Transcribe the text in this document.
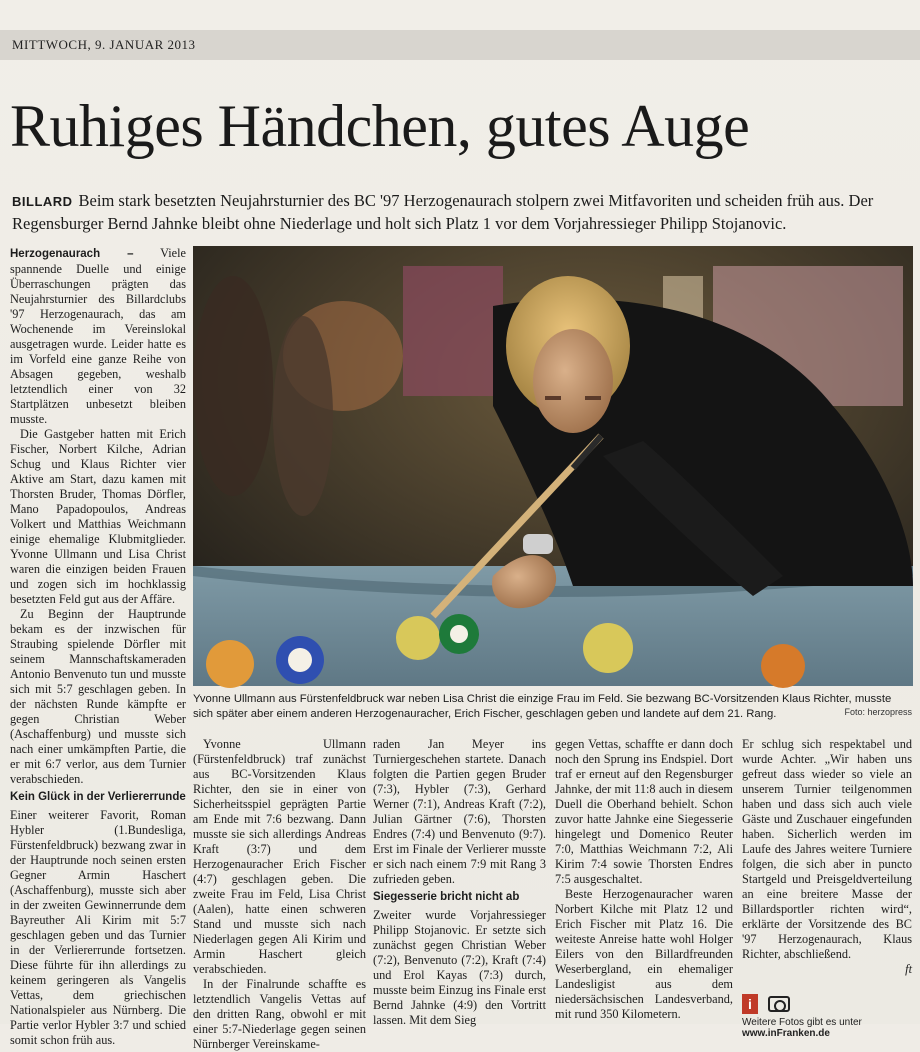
MITTWOCH, 9. JANUAR 2013
Ruhiges Händchen, gutes Auge
BILLARD Beim stark besetzten Neujahrsturnier des BC '97 Herzogenaurach stolpern zwei Mitfavoriten und scheiden früh aus. Der Regensburger Bernd Jahnke bleibt ohne Niederlage und holt sich Platz 1 vor dem Vorjahressieger Philipp Stojanovic.

Herzogenaurach – Viele spannende Duelle und einige Überraschungen prägten das Neujahrsturnier des Billardclubs '97 Herzogenaurach, das am Wochenende im Vereinslokal ausgetragen wurde. Leider hatte es im Vorfeld eine ganze Reihe von Absagen gegeben, weshalb letztendlich einer von 32 Startplätzen unbesetzt bleiben musste.

Die Gastgeber hatten mit Erich Fischer, Norbert Kilche, Adrian Schug und Klaus Richter vier Aktive am Start, dazu kamen mit Thorsten Bruder, Thomas Dörfler, Mano Papadopoulos, Andreas Volkert und Matthias Weichmann einige ehemalige Klubmitglieder. Yvonne Ullmann und Lisa Christ waren die einzigen beiden Frauen und zogen sich im hochklassig besetzten Feld gut aus der Affäre.

Zu Beginn der Hauptrunde bekam es der inzwischen für Straubing spielende Dörfler mit seinem Mannschaftskameraden Antonio Benvenuto tun und musste sich mit 5:7 geschlagen geben. In der nächsten Runde kämpfte er gegen Christian Weber (Aschaffenburg) und musste sich nach einer umkämpften Partie, die er mit 6:7 verlor, aus dem Turnier verabschieden.

Kein Glück in der Verliererrunde

Einer weiterer Favorit, Roman Hybler (1.Bundesliga, Fürstenfeldbruck) bezwang zwar in der Hauptrunde noch seinen ersten Gegner Armin Haschert (Aschaffenburg), musste sich aber in der zweiten Gewinnerrunde dem Bayreuther Ali Kirim mit 5:7 geschlagen geben und das Turnier in der Verliererrunde fortsetzen. Diese führte für ihn allerdings zu keinem geringeren als Vangelis Vettas, dem griechischen Nationalspieler aus Nürnberg. Die Partie verlor Hybler 3:7 und schied somit schon früh aus.

Yvonne Ullmann aus Fürstenfeldbruck war neben Lisa Christ die einzige Frau im Feld. Sie bezwang BC-Vorsitzenden Klaus Richter, musste sich später aber einem anderen Herzogenauracher, Erich Fischer, geschlagen geben und landete auf dem 21. Rang.	Foto: herzopress

Yvonne Ullmann (Fürstenfeldbruck) traf zunächst aus BC-Vorsitzenden Klaus Richter, den sie in einer von Sicherheitsspiel geprägten Partie am Ende mit 7:6 bezwang. Dann musste sie sich allerdings Andreas Kraft (3:7) und dem Herzogenauracher Erich Fischer (4:7) geschlagen geben. Die zweite Frau im Feld, Lisa Christ (Aalen), hatte einen schweren Stand und musste sich nach Niederlagen gegen Ali Kirim und Armin Haschert gleich verabschieden.

In der Finalrunde schaffte es letztendlich Vangelis Vettas auf den dritten Rang, obwohl er mit einer 5:7-Niederlage gegen seinen Nürnberger Vereinskame-

raden Jan Meyer ins Turniergeschehen startete. Danach folgten die Partien gegen Bruder (7:3), Hybler (7:3), Gerhard Werner (7:1), Andreas Kraft (7:2), Julian Gärtner (7:6), Thorsten Endres (7:4) und Benvenuto (9:7). Erst im Finale der Verlierer musste er sich nach einem 7:9 mit Rang 3 zufrieden geben.

Siegesserie bricht nicht ab

Zweiter wurde Vorjahressieger Philipp Stojanovic. Er setzte sich zunächst gegen Christian Weber (7:2), Benvenuto (7:2), Kraft (7:4) und Erol Kayas (7:3) durch, musste beim Einzug ins Finale erst Bernd Jahnke (4:9) den Vortritt lassen. Mit dem Sieg

gegen Vettas, schaffte er dann doch noch den Sprung ins Endspiel. Dort traf er erneut auf den Regensburger Jahnke, der mit 11:8 auch in diesem Duell die Oberhand behielt. Schon zuvor hatte Jahnke eine Siegesserie hingelegt und Domenico Reuter 7:0, Matthias Weichmann 7:2, Ali Kirim 7:4 sowie Thorsten Endres 7:5 ausgeschaltet.

Beste Herzogenauracher waren Norbert Kilche mit Platz 12 und Erich Fischer mit Platz 16. Die weiteste Anreise hatte wohl Holger Eilers von den Billardfreunden Weserbergland, ein ehemaliger Landesligist aus dem niedersächsischen Landesverband, mit rund 350 Kilometern.

Er schlug sich respektabel und wurde Achter. „Wir haben uns gefreut dass wieder so viele an unserem Turnier teilgenommen haben und dass sich auch viele Gäste und Zuschauer eingefunden haben. Sicherlich werden im Laufe des Jahres weitere Turniere folgen, die sich aber in puncto Startgeld und Preisgeldverteilung an eine breitere Masse der Billardsportler richten wird“, erklärte der Vorsitzende des BC '97 Herzogenaurach, Klaus Richter, abschließend.

ft

i
Weitere Fotos gibt es unter www.inFranken.de
